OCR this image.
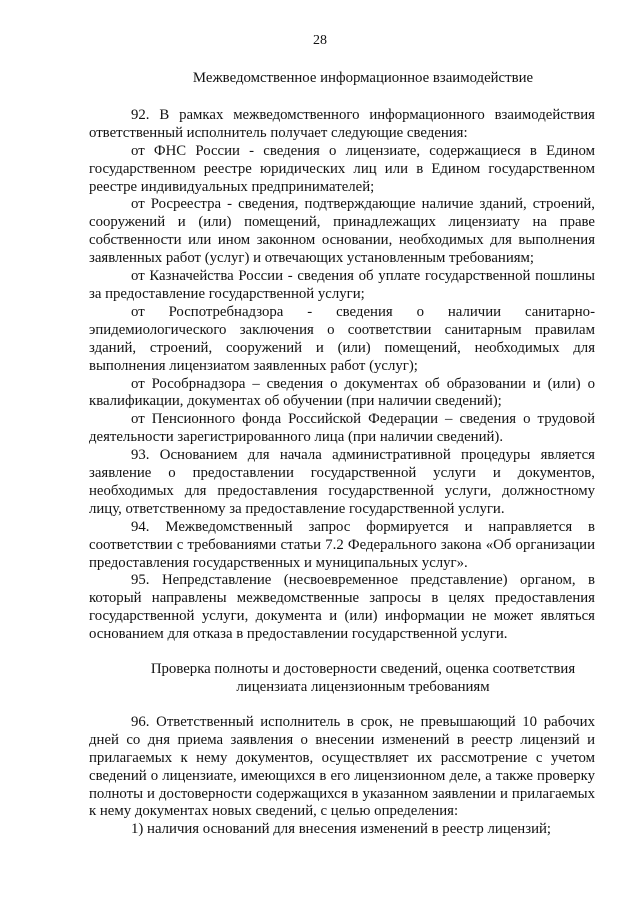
28

Межведомственное информационное взаимодействие

92. В рамках межведомственного информационного взаимодействия ответственный исполнитель получает следующие сведения:

от ФНС России - сведения о лицензиате, содержащиеся в Едином государственном реестре юридических лиц или в Едином государственном реестре индивидуальных предпринимателей;

от Росреестра - сведения, подтверждающие наличие зданий, строений, сооружений и (или) помещений, принадлежащих лицензиату на праве собственности или ином законном основании, необходимых для выполнения заявленных работ (услуг) и отвечающих установленным требованиям;

от Казначейства России - сведения об уплате государственной пошлины за предоставление государственной услуги;

от Роспотребнадзора - сведения о наличии санитарно-эпидемиологического заключения о соответствии санитарным правилам зданий, строений, сооружений и (или) помещений, необходимых для выполнения лицензиатом заявленных работ (услуг);

от Рособрнадзора – сведения о документах об образовании и (или) о квалификации, документах об обучении (при наличии сведений);

от Пенсионного фонда Российской Федерации – сведения о трудовой деятельности зарегистрированного лица (при наличии сведений).

93. Основанием для начала административной процедуры является заявление о предоставлении государственной услуги и документов, необходимых для предоставления государственной услуги, должностному лицу, ответственному за предоставление государственной услуги.

94. Межведомственный запрос формируется и направляется в соответствии с требованиями статьи 7.2 Федерального закона «Об организации предоставления государственных и муниципальных услуг».

95. Непредставление (несвоевременное представление) органом, в который направлены межведомственные запросы в целях предоставления государственной услуги, документа и (или) информации не может являться основанием для отказа в предоставлении государственной услуги.

Проверка полноты и достоверности сведений, оценка соответствия

лицензиата лицензионным требованиям

96. Ответственный исполнитель в срок, не превышающий 10 рабочих дней со дня приема заявления о внесении изменений в реестр лицензий и прилагаемых к нему документов, осуществляет их рассмотрение с учетом сведений о лицензиате, имеющихся в его лицензионном деле, а также проверку полноты и достоверности содержащихся в указанном заявлении и прилагаемых к нему документах новых сведений, с целью определения:

1) наличия оснований для внесения изменений в реестр лицензий;
